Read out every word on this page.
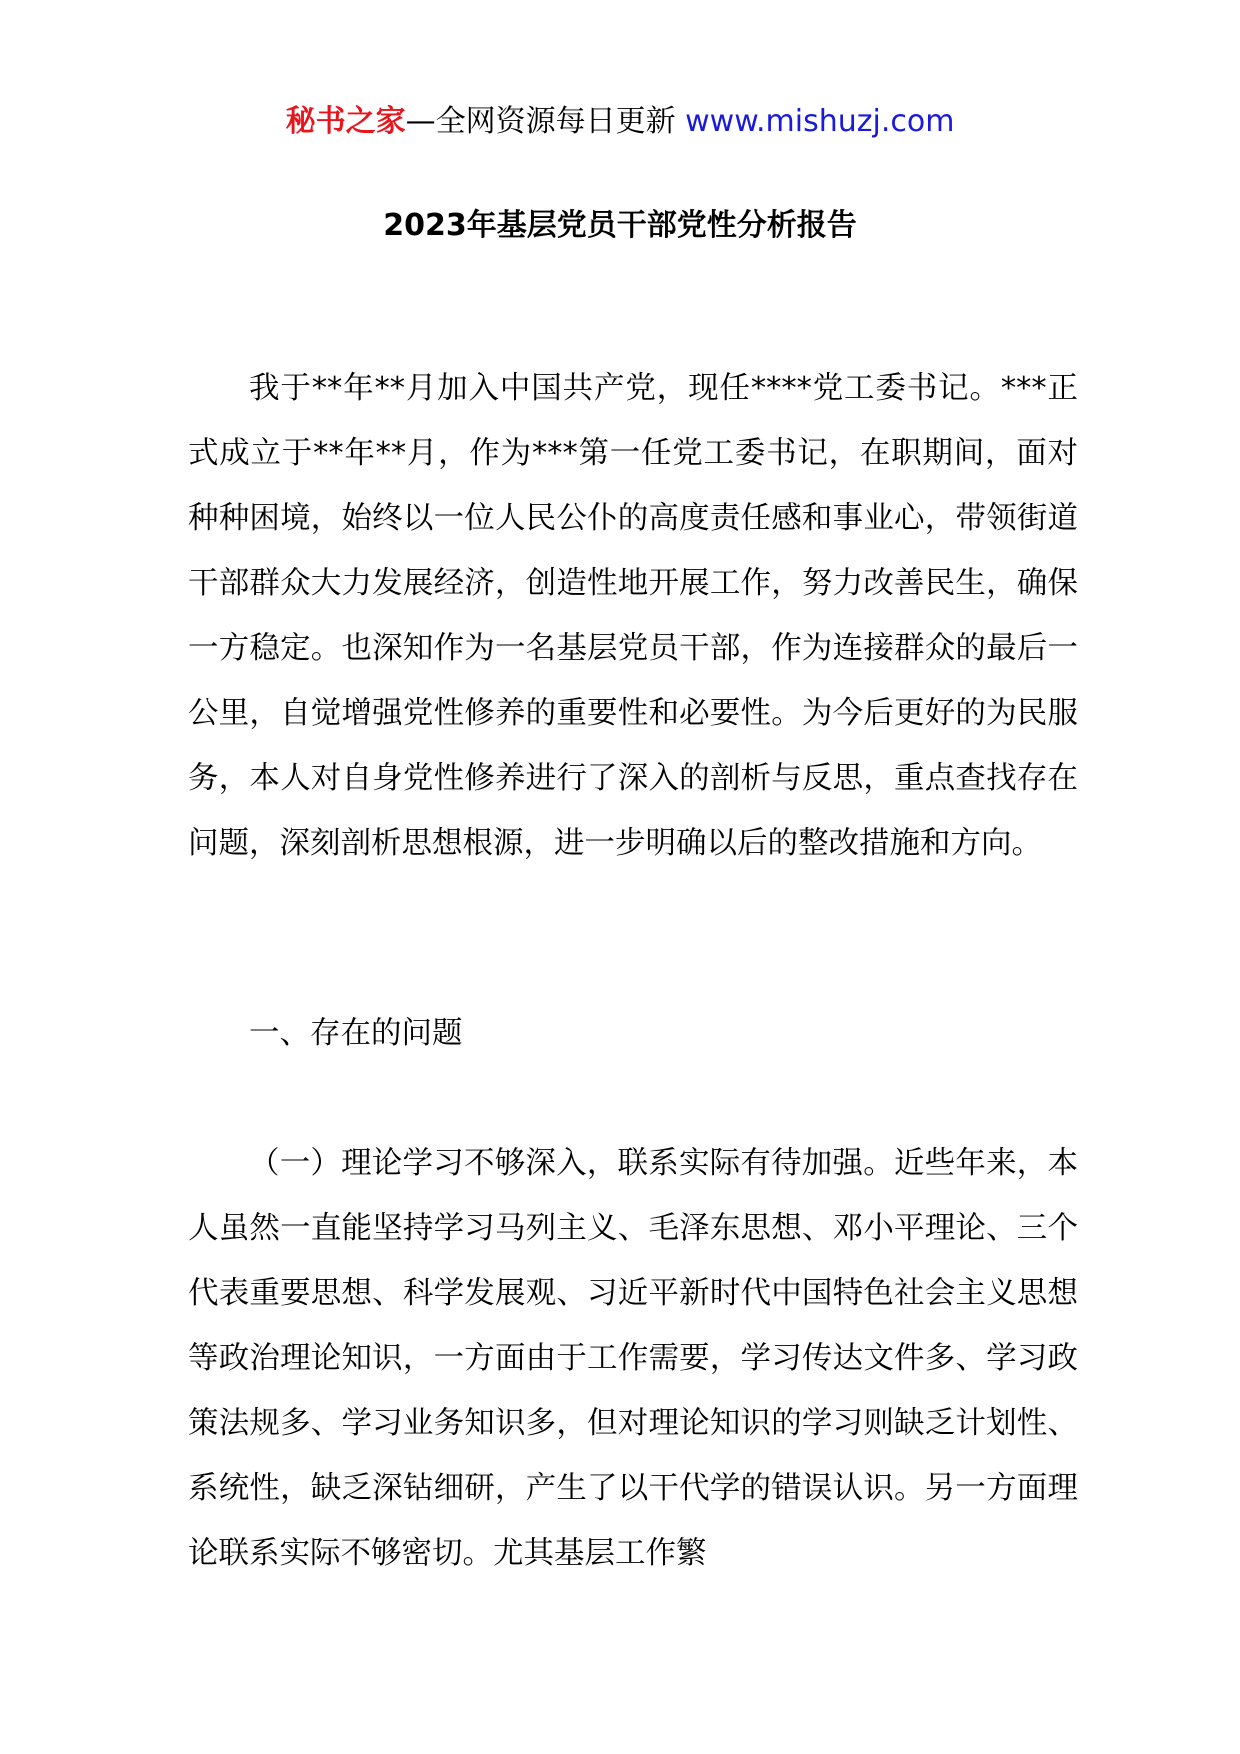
秘书之家—全网资源每日更新 www.mishuzj.com
2023年基层党员干部党性分析报告

我于**年**月加入中国共产党，现任****党工委书记。***正式成立于**年**月，作为***第一任党工委书记，在职期间，面对种种困境，始终以一位人民公仆的高度责任感和事业心，带领街道干部群众大力发展经济，创造性地开展工作，努力改善民生，确保一方稳定。也深知作为一名基层党员干部，作为连接群众的最后一公里，自觉增强党性修养的重要性和必要性。为今后更好的为民服务，本人对自身党性修养进行了深入的剖析与反思，重点查找存在问题，深刻剖析思想根源，进一步明确以后的整改措施和方向。

一、存在的问题

（一）理论学习不够深入，联系实际有待加强。近些年来，本人虽然一直能坚持学习马列主义、毛泽东思想、邓小平理论、三个代表重要思想、科学发展观、习近平新时代中国特色社会主义思想等政治理论知识，一方面由于工作需要，学习传达文件多、学习政策法规多、学习业务知识多，但对理论知识的学习则缺乏计划性、系统性，缺乏深钻细研，产生了以干代学的错误认识。另一方面理论联系实际不够密切。尤其基层工作繁
